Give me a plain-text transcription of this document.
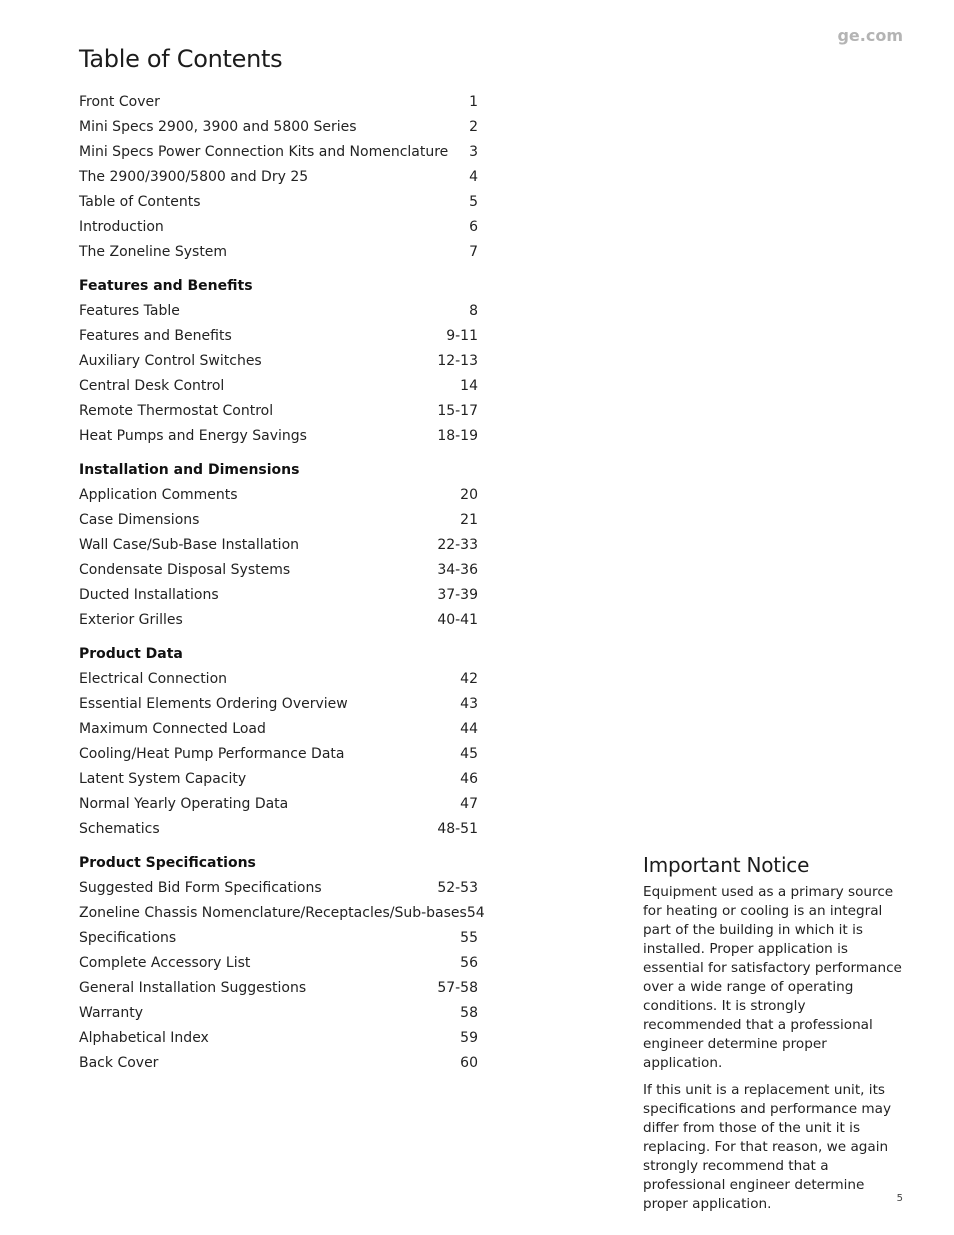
ge.com
Table of Contents
Front Cover	1
Mini Specs 2900, 3900 and 5800 Series	2
Mini Specs Power Connection Kits and Nomenclature 3
The 2900/3900/5800 and Dry 25	4
Table of Contents	5
Introduction	6
The Zoneline System	7
Features and Benefits
Features Table	8
Features and Benefits	9-11
Auxiliary Control Switches	12-13
Central Desk Control	14
Remote Thermostat Control	15-17
Heat Pumps and Energy Savings	18-19
Installation and Dimensions
Application Comments	20
Case Dimensions	21
Wall Case/Sub-Base Installation	22-33
Condensate Disposal Systems	34-36
Ducted Installations	37-39
Exterior Grilles	40-41
Product Data
Electrical Connection	42
Essential Elements Ordering Overview	43
Maximum Connected Load	44
Cooling/Heat Pump Performance Data	45
Latent System Capacity	46
Normal Yearly Operating Data	47
Schematics	48-51
Product Specifications
Suggested Bid Form Specifications	52-53
Zoneline Chassis Nomenclature/Receptacles/Sub-bases 54
Specifications	55
Complete Accessory List	56
General Installation Suggestions	57-58
Warranty	58
Alphabetical Index	59
Back Cover	60
Important Notice

Equipment used as a primary source for heating or cooling is an integral part of the building in which it is installed. Proper application is essential for satisfactory performance over a wide range of operating conditions. It is strongly recommended that a professional engineer determine proper application.

If this unit is a replacement unit, its specifications and performance may differ from those of the unit it is replacing. For that reason, we again strongly recommend that a professional engineer determine proper application.	5
